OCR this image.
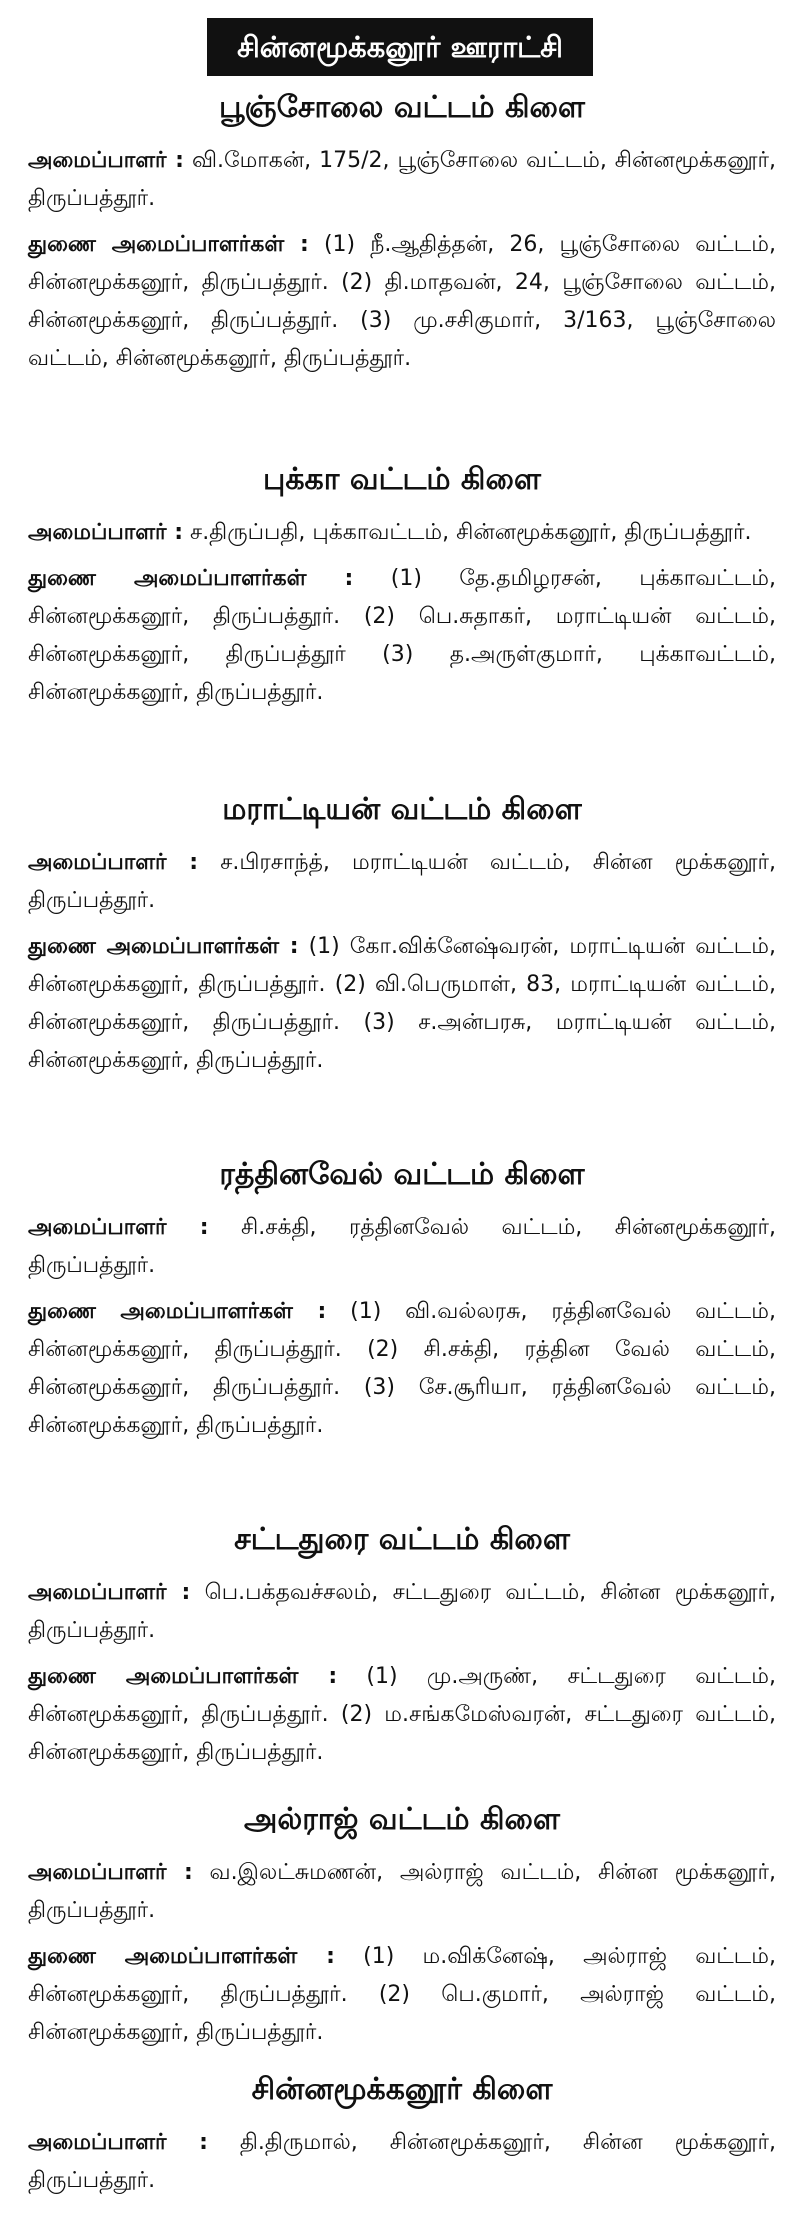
சின்னமூக்கனூர் ஊராட்சி
பூஞ்சோலை வட்டம் கிளை

அமைப்பாளர் : வி.மோகன், 175/2, பூஞ்சோலை வட்டம், சின்னமூக்கனூர், திருப்பத்தூர்.

துணை அமைப்பாளர்கள் : (1) நீ.ஆதித்தன், 26, பூஞ்சோலை வட்டம், சின்னமூக்கனூர், திருப்பத்தூர். (2) தி.மாதவன், 24, பூஞ்சோலை வட்டம், சின்னமூக்கனூர், திருப்பத்தூர். (3) மு.சசிகுமார், 3/163, பூஞ்சோலை வட்டம், சின்னமூக்கனூர், திருப்பத்தூர்.

புக்கா வட்டம் கிளை

அமைப்பாளர் : ச.திருப்பதி, புக்காவட்டம், சின்னமூக்கனூர், திருப்பத்தூர்.

துணை அமைப்பாளர்கள் : (1) தே.தமிழரசன், புக்காவட்டம், சின்னமூக்கனூர், திருப்பத்தூர். (2) பெ.சுதாகர், மராட்டியன் வட்டம், சின்னமூக்கனூர், திருப்பத்தூர் (3) த.அருள்குமார், புக்காவட்டம், சின்னமூக்கனூர், திருப்பத்தூர்.

மராட்டியன் வட்டம் கிளை

அமைப்பாளர் : ச.பிரசாந்த், மராட்டியன் வட்டம், சின்ன மூக்கனூர், திருப்பத்தூர்.

துணை அமைப்பாளர்கள் : (1) கோ.விக்னேஷ்வரன், மராட்டியன் வட்டம், சின்னமூக்கனூர், திருப்பத்தூர். (2) வி.பெருமாள், 83, மராட்டியன் வட்டம், சின்னமூக்கனூர், திருப்பத்தூர். (3) ச.அன்பரசு, மராட்டியன் வட்டம், சின்னமூக்கனூர், திருப்பத்தூர்.

ரத்தினவேல் வட்டம் கிளை

அமைப்பாளர் : சி.சக்தி, ரத்தினவேல் வட்டம், சின்னமூக்கனூர், திருப்பத்தூர்.

துணை அமைப்பாளர்கள் : (1) வி.வல்லரசு, ரத்தினவேல் வட்டம், சின்னமூக்கனூர், திருப்பத்தூர். (2) சி.சக்தி, ரத்தின வேல் வட்டம், சின்னமூக்கனூர், திருப்பத்தூர். (3) சே.சூரியா, ரத்தினவேல் வட்டம், சின்னமூக்கனூர், திருப்பத்தூர்.

சட்டதுரை வட்டம் கிளை

அமைப்பாளர் : பெ.பக்தவச்சலம், சட்டதுரை வட்டம், சின்ன மூக்கனூர், திருப்பத்தூர்.

துணை அமைப்பாளர்கள் : (1) மு.அருண், சட்டதுரை வட்டம், சின்னமூக்கனூர், திருப்பத்தூர். (2) ம.சங்கமேஸ்வரன், சட்டதுரை வட்டம், சின்னமூக்கனூர், திருப்பத்தூர்.

அல்ராஜ் வட்டம் கிளை

அமைப்பாளர் : வ.இலட்சுமணன், அல்ராஜ் வட்டம், சின்ன மூக்கனூர், திருப்பத்தூர்.

துணை அமைப்பாளர்கள் : (1) ம.விக்னேஷ், அல்ராஜ் வட்டம், சின்னமூக்கனூர், திருப்பத்தூர். (2) பெ.குமார், அல்ராஜ் வட்டம், சின்னமூக்கனூர், திருப்பத்தூர்.

சின்னமூக்கனூர் கிளை

அமைப்பாளர் : தி.திருமால், சின்னமூக்கனூர், சின்ன மூக்கனூர், திருப்பத்தூர்.
